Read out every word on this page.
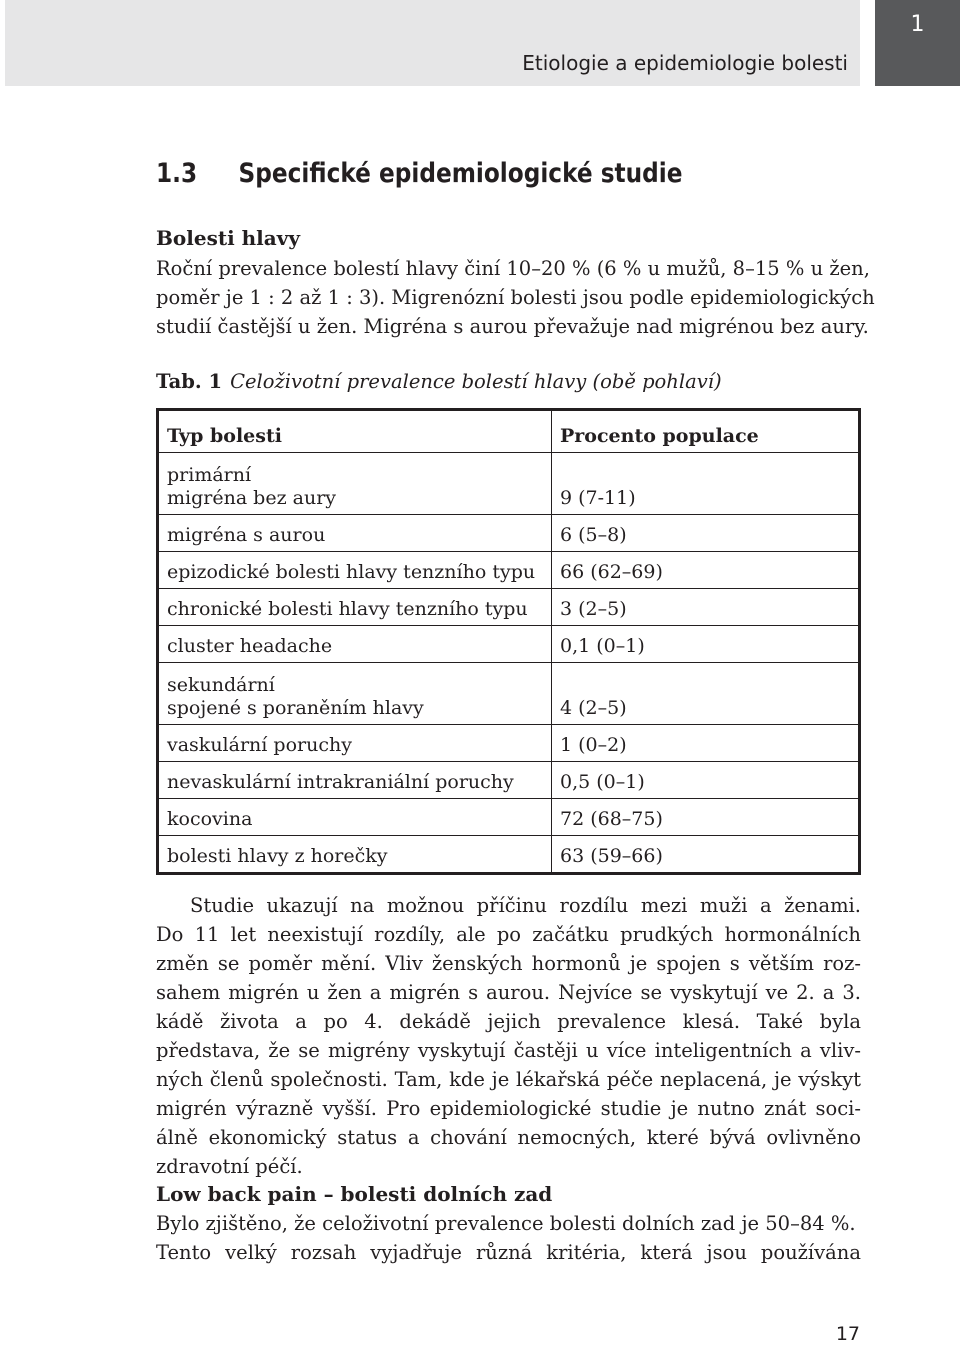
Etiologie a epidemiologie bolesti
1
1.3 Specifické epidemiologické studie
Bolesti hlavy
Roční prevalence bolestí hlavy činí 10–20 % (6 % u mužů, 8–15 % u žen,
poměr je 1 : 2 až 1 : 3). Migrenózní bolesti jsou podle epidemiologických
studií častější u žen. Migréna s aurou převažuje nad migrénou bez aury.
Tab. 1 Celoživotní prevalence bolestí hlavy (obě pohlaví)
Typ bolesti	Procento populace

primární
migréna bez aury	9 (7-11)
migréna s aurou	6 (5–8)
epizodické bolesti hlavy tenzního typu	66 (62–69)
chronické bolesti hlavy tenzního typu	3 (2–5)
cluster headache	0,1 (0–1)

sekundární
spojené s poraněním hlavy	4 (2–5)
vaskulární poruchy	1 (0–2)
nevaskulární intrakraniální poruchy	0,5 (0–1)
kocovina	72 (68–75)
bolesti hlavy z horečky	63 (59–66)
Studie ukazují na možnou příčinu rozdílu mezi muži a ženami.
Do 11 let neexistují rozdíly, ale po začátku prudkých hormonálních
změn se poměr mění. Vliv ženských hormonů je spojen s větším roz-
sahem migrén u žen a migrén s aurou. Nejvíce se vyskytují ve 2. a 3.
kádě života a po 4. dekádě jejich prevalence klesá. Také byla
představa, že se migrény vyskytují častěji u více inteligentních a vliv-
ných členů společnosti. Tam, kde je lékařská péče neplacená, je výskyt
migrén výrazně vyšší. Pro epidemiologické studie je nutno znát soci-
álně ekonomický status a chování nemocných, které bývá ovlivněno
zdravotní péčí.
Low back pain – bolesti dolních zad
Bylo zjištěno, že celoživotní prevalence bolesti dolních zad je 50–84 %.
Tento velký rozsah vyjadřuje různá kritéria, která jsou používána
17
